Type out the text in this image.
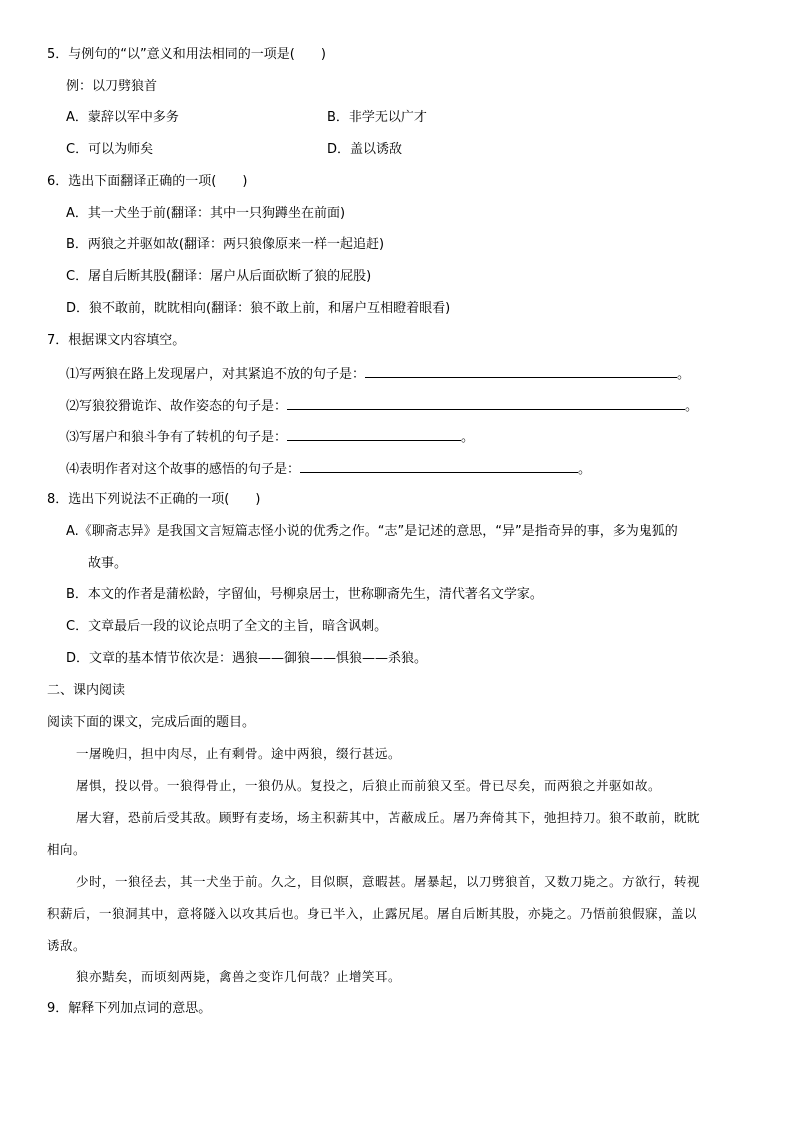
5．与例句的“以”意义和用法相同的一项是(　　)
例：以刀劈狼首
A．蒙辞以军中多务	B．非学无以广才
C．可以为师矣	D．盖以诱敌
6．选出下面翻译正确的一项(　　)
A．其一犬坐于前(翻译：其中一只狗蹲坐在前面)
B．两狼之并驱如故(翻译：两只狼像原来一样一起追赶)
C．屠自后断其股(翻译：屠户从后面砍断了狼的屁股)
D．狼不敢前，眈眈相向(翻译：狼不敢上前，和屠户互相瞪着眼看)
7．根据课文内容填空。
⑴写两狼在路上发现屠户，对其紧追不放的句子是：	。
⑵写狼狡猾诡诈、故作姿态的句子是：	。
⑶写屠户和狼斗争有了转机的句子是：	。
⑷表明作者对这个故事的感悟的句子是：	。
8．选出下列说法不正确的一项(　　)
A.《聊斋志异》是我国文言短篇志怪小说的优秀之作。“志”是记述的意思，“异”是指奇异的事，多为鬼狐的
故事。
B．本文的作者是蒲松龄，字留仙，号柳泉居士，世称聊斋先生，清代著名文学家。
C．文章最后一段的议论点明了全文的主旨，暗含讽刺。
D．文章的基本情节依次是：遇狼——御狼——惧狼——杀狼。
二、课内阅读
阅读下面的课文，完成后面的题目。
一屠晚归，担中肉尽，止有剩骨。途中两狼，缀行甚远。
屠惧，投以骨。一狼得骨止，一狼仍从。复投之，后狼止而前狼又至。骨已尽矣，而两狼之并驱如故。
屠大窘，恐前后受其敌。顾野有麦场，场主积薪其中，苫蔽成丘。屠乃奔倚其下，弛担持刀。狼不敢前，眈眈
相向。
少时，一狼径去，其一犬坐于前。久之，目似瞑，意暇甚。屠暴起，以刀劈狼首，又数刀毙之。方欲行，转视
积薪后，一狼洞其中，意将隧入以攻其后也。身已半入，止露尻尾。屠自后断其股，亦毙之。乃悟前狼假寐，盖以
诱敌。
狼亦黠矣，而顷刻两毙，禽兽之变诈几何哉？止增笑耳。
9．解释下列加点词的意思。
